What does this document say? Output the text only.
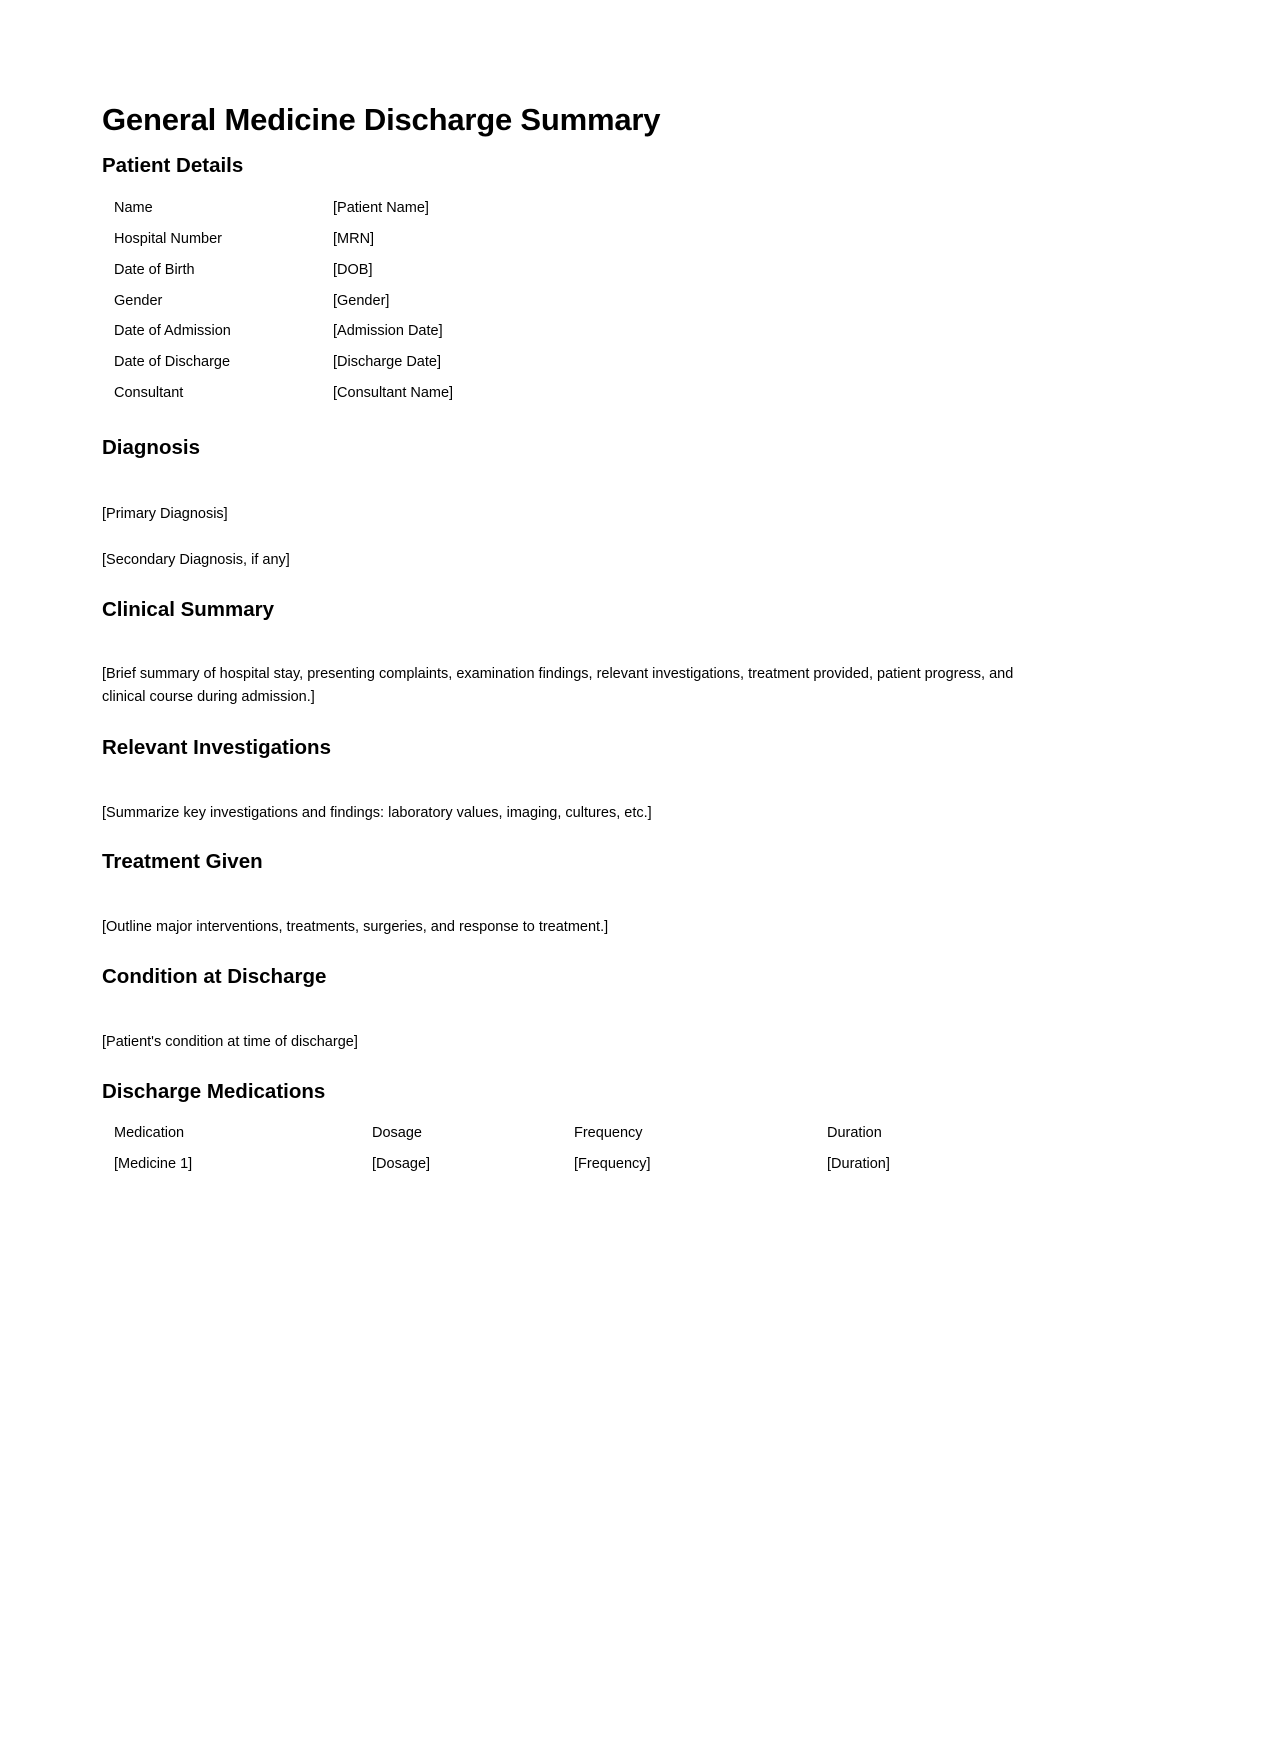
General Medicine Discharge Summary
Patient Details
Name	[Patient Name]
Hospital Number	[MRN]
Date of Birth	[DOB]
Gender	[Gender]
Date of Admission	[Admission Date]
Date of Discharge	[Discharge Date]
Consultant	[Consultant Name]
Diagnosis
[Primary Diagnosis]
[Secondary Diagnosis, if any]
Clinical Summary
[Brief summary of hospital stay, presenting complaints, examination findings, relevant investigations, treatment provided, patient progress, and clinical course during admission.]
Relevant Investigations
[Summarize key investigations and findings: laboratory values, imaging, cultures, etc.]
Treatment Given
[Outline major interventions, treatments, surgeries, and response to treatment.]
Condition at Discharge
[Patient's condition at time of discharge]
Discharge Medications
Medication	Dosage	Frequency	Duration
[Medicine 1]	[Dosage]	[Frequency]	[Duration]
